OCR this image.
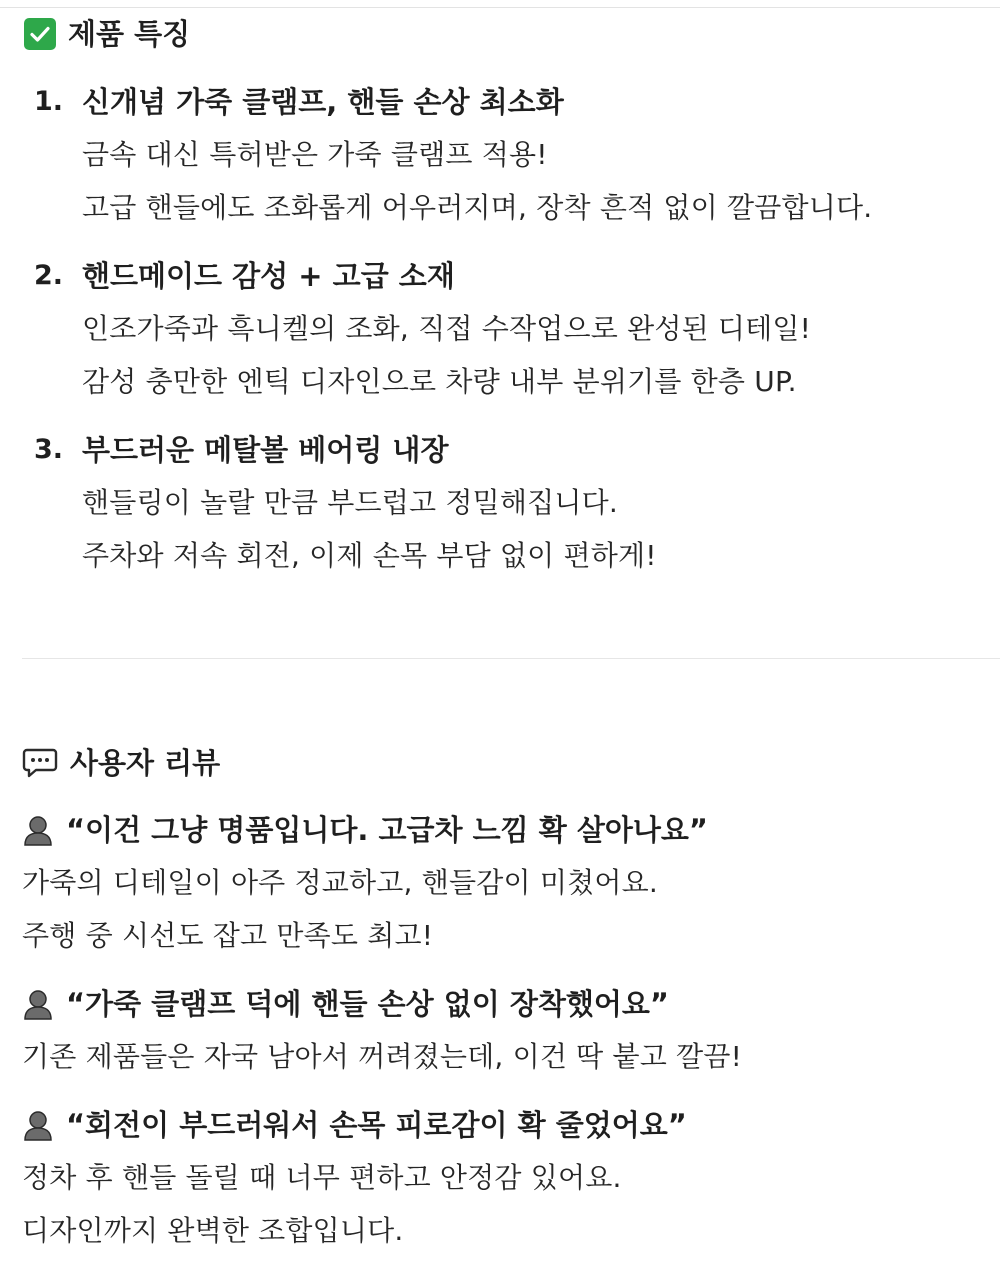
제품 특징
1. 신개념 가죽 클램프, 핸들 손상 최소화
금속 대신 특허받은 가죽 클램프 적용!
고급 핸들에도 조화롭게 어우러지며, 장착 흔적 없이 깔끔합니다.
2. 핸드메이드 감성 + 고급 소재
인조가죽과 흑니켈의 조화, 직접 수작업으로 완성된 디테일!
감성 충만한 엔틱 디자인으로 차량 내부 분위기를 한층 UP.
3. 부드러운 메탈볼 베어링 내장
핸들링이 놀랄 만큼 부드럽고 정밀해집니다.
주차와 저속 회전, 이제 손목 부담 없이 편하게!
사용자 리뷰
“이건 그냥 명품입니다. 고급차 느낌 확 살아나요”
가죽의 디테일이 아주 정교하고, 핸들감이 미쳤어요.
주행 중 시선도 잡고 만족도 최고!
“가죽 클램프 덕에 핸들 손상 없이 장착했어요”
기존 제품들은 자국 남아서 꺼려졌는데, 이건 딱 붙고 깔끔!
“회전이 부드러워서 손목 피로감이 확 줄었어요”
정차 후 핸들 돌릴 때 너무 편하고 안정감 있어요.
디자인까지 완벽한 조합입니다.
